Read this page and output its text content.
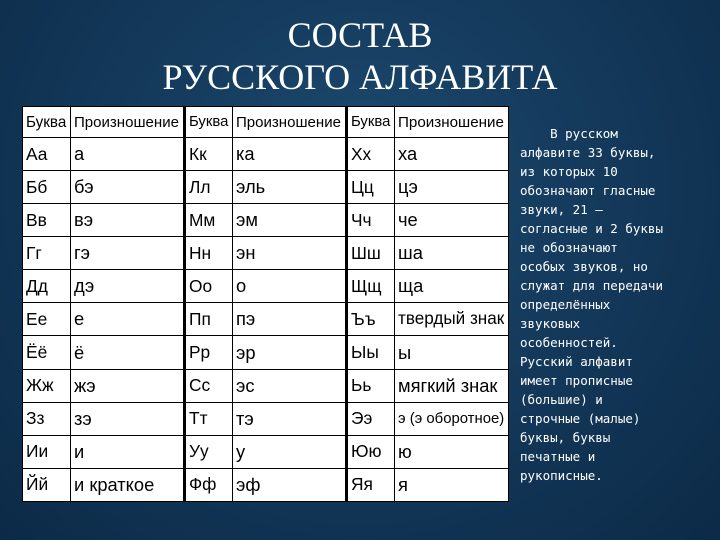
СОСТАВ
РУССКОГО АЛФАВИТА
Буква	Произношение	Буква	Произношение	Буква	Произношение
Аа	а	Кк	ка	Хх	ха
Бб	бэ	Лл	эль	Цц	цэ
Вв	вэ	Мм	эм	Чч	че
Гг	гэ	Нн	эн	Шш	ша
Дд	дэ	Оо	о	Щщ	ща
Ее	е	Пп	пэ	Ъъ	твердый знак
Ёё	ё	Рр	эр	Ыы	ы
Жж	жэ	Сс	эс	Ьь	мягкий знак
Зз	зэ	Тт	тэ	Ээ	э (э оборотное)
Ии	и	Уу	у	Юю	ю
Йй	и краткое	Фф	эф	Яя	я
В русском
алфавите 33 буквы,
из которых 10
обозначают гласные
звуки, 21 —
согласные и 2 буквы
не обозначают
особых звуков, но
служат для передачи
определённых
звуковых
особенностей.
Русский алфавит
имеет прописные
(большие) и
строчные (малые)
буквы, буквы
печатные и
рукописные.
